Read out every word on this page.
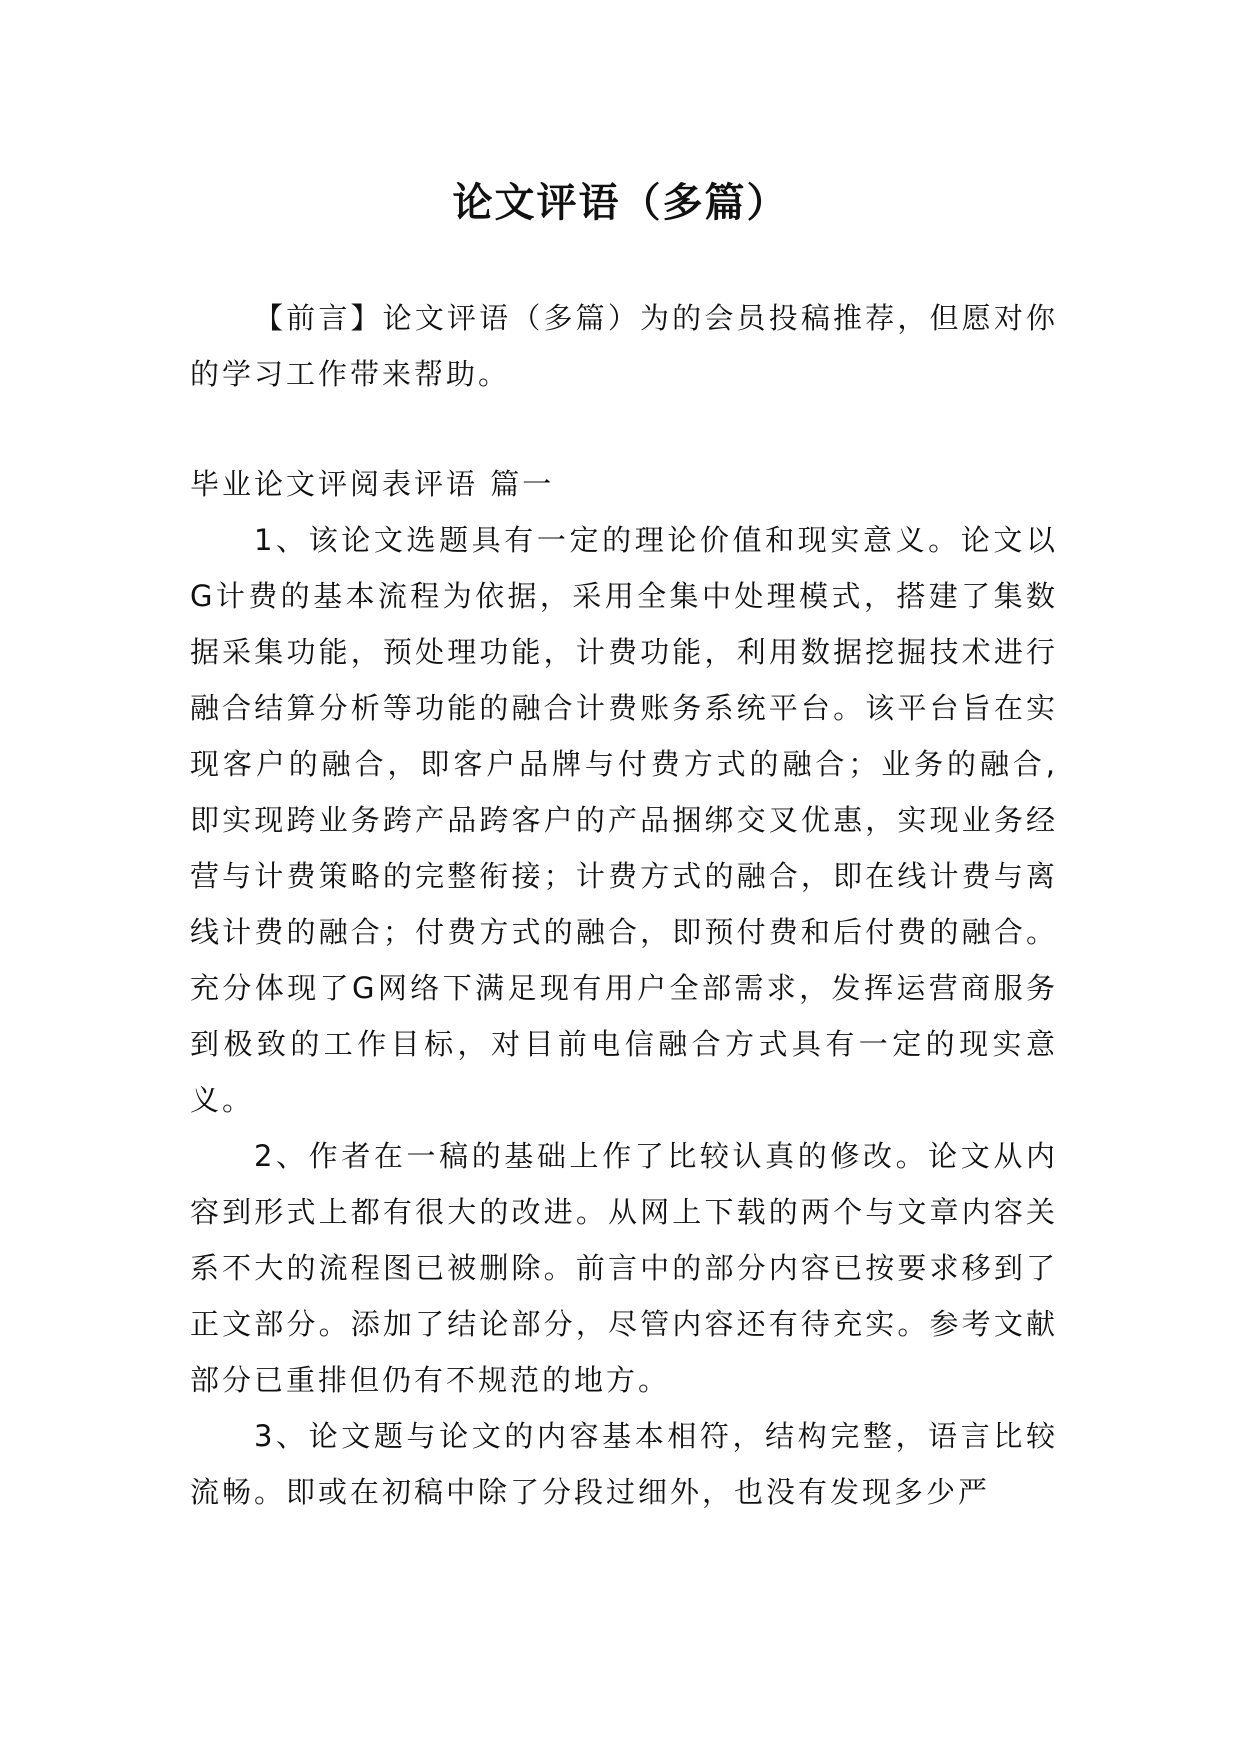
论文评语（多篇）

【前言】论文评语（多篇）为的会员投稿推荐，但愿对你的学习工作带来帮助。

毕业论文评阅表评语 篇一

1、该论文选题具有一定的理论价值和现实意义。论文以G计费的基本流程为依据，采用全集中处理模式，搭建了集数据采集功能，预处理功能，计费功能，利用数据挖掘技术进行融合结算分析等功能的融合计费账务系统平台。该平台旨在实现客户的融合，即客户品牌与付费方式的融合；业务的融合,即实现跨业务跨产品跨客户的产品捆绑交叉优惠，实现业务经营与计费策略的完整衔接；计费方式的融合，即在线计费与离线计费的融合；付费方式的融合，即预付费和后付费的融合。充分体现了G网络下满足现有用户全部需求，发挥运营商服务到极致的工作目标，对目前电信融合方式具有一定的现实意义。

2、作者在一稿的基础上作了比较认真的修改。论文从内容到形式上都有很大的改进。从网上下载的两个与文章内容关系不大的流程图已被删除。前言中的部分内容已按要求移到了正文部分。添加了结论部分，尽管内容还有待充实。参考文献部分已重排但仍有不规范的地方。

3、论文题与论文的内容基本相符，结构完整，语言比较流畅。即或在初稿中除了分段过细外，也没有发现多少严
